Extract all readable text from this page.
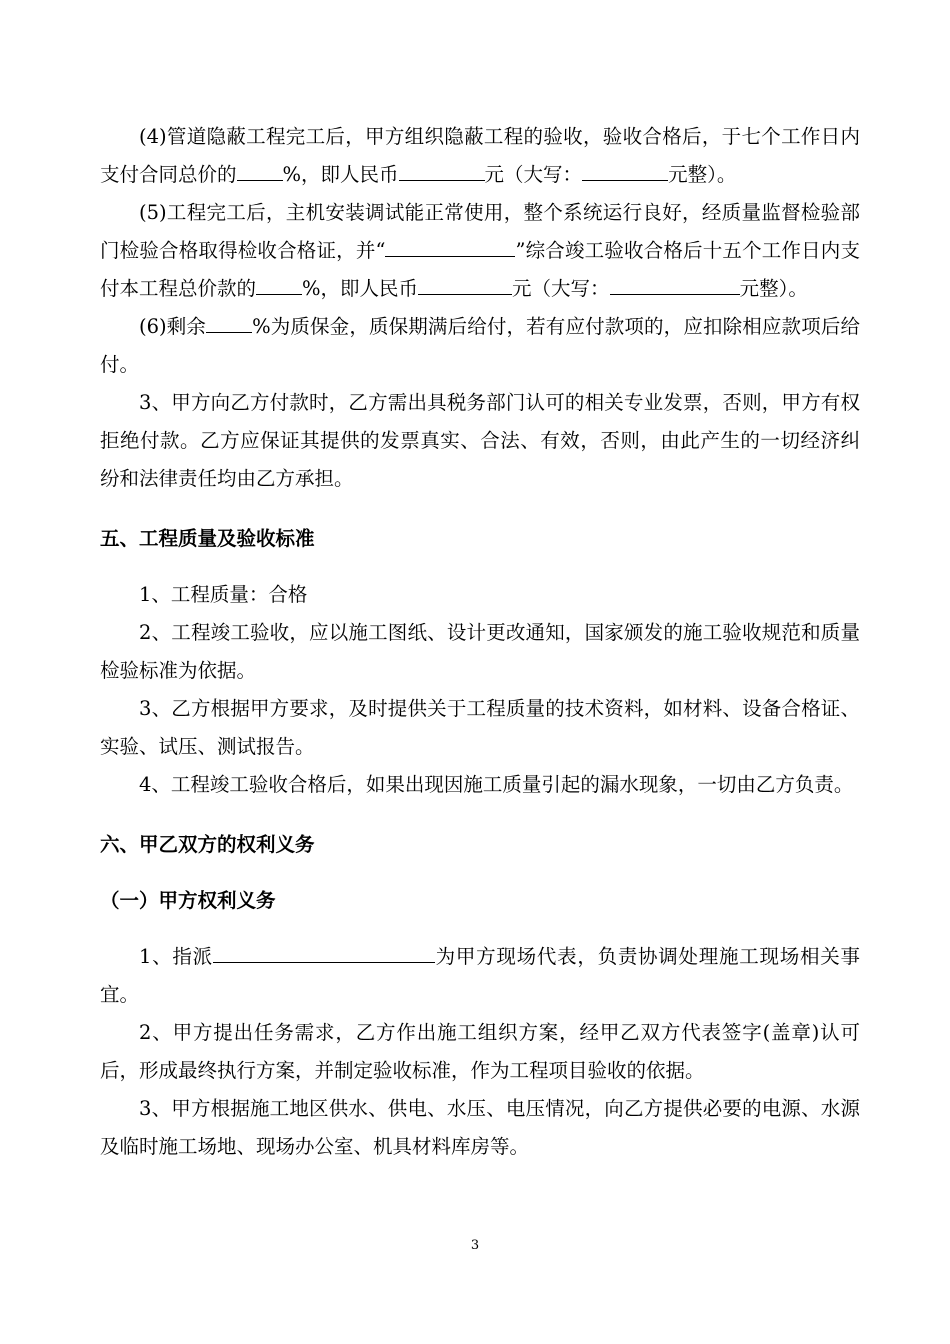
(4)管道隐蔽工程完工后，甲方组织隐蔽工程的验收，验收合格后，于七个工作日内支付合同总价的 %，即人民币	元（大写：	元整）。

(5)工程完工后，主机安装调试能正常使用，整个系统运行良好，经质量监督检验部门检验合格取得检收合格证，并“	”综合竣工验收合格后十五个工作日内支付本工程总价款的 %，即人民币	元（大写：	元整）。

(6)剩余 %为质保金，质保期满后给付，若有应付款项的，应扣除相应款项后给付。

3、甲方向乙方付款时，乙方需出具税务部门认可的相关专业发票，否则，甲方有权拒绝付款。乙方应保证其提供的发票真实、合法、有效，否则，由此产生的一切经济纠纷和法律责任均由乙方承担。

五、工程质量及验收标准

1、工程质量：合格

2、工程竣工验收，应以施工图纸、设计更改通知，国家颁发的施工验收规范和质量检验标准为依据。

3、乙方根据甲方要求，及时提供关于工程质量的技术资料，如材料、设备合格证、实验、试压、测试报告。

4、工程竣工验收合格后，如果出现因施工质量引起的漏水现象，一切由乙方负责。

六、甲乙双方的权利义务
（一）甲方权利义务

1、指派	为甲方现场代表，负责协调处理施工现场相关事宜。

2、甲方提出任务需求，乙方作出施工组织方案，经甲乙双方代表签字(盖章)认可后，形成最终执行方案，并制定验收标准，作为工程项目验收的依据。

3、甲方根据施工地区供水、供电、水压、电压情况，向乙方提供必要的电源、水源及临时施工场地、现场办公室、机具材料库房等。

3
